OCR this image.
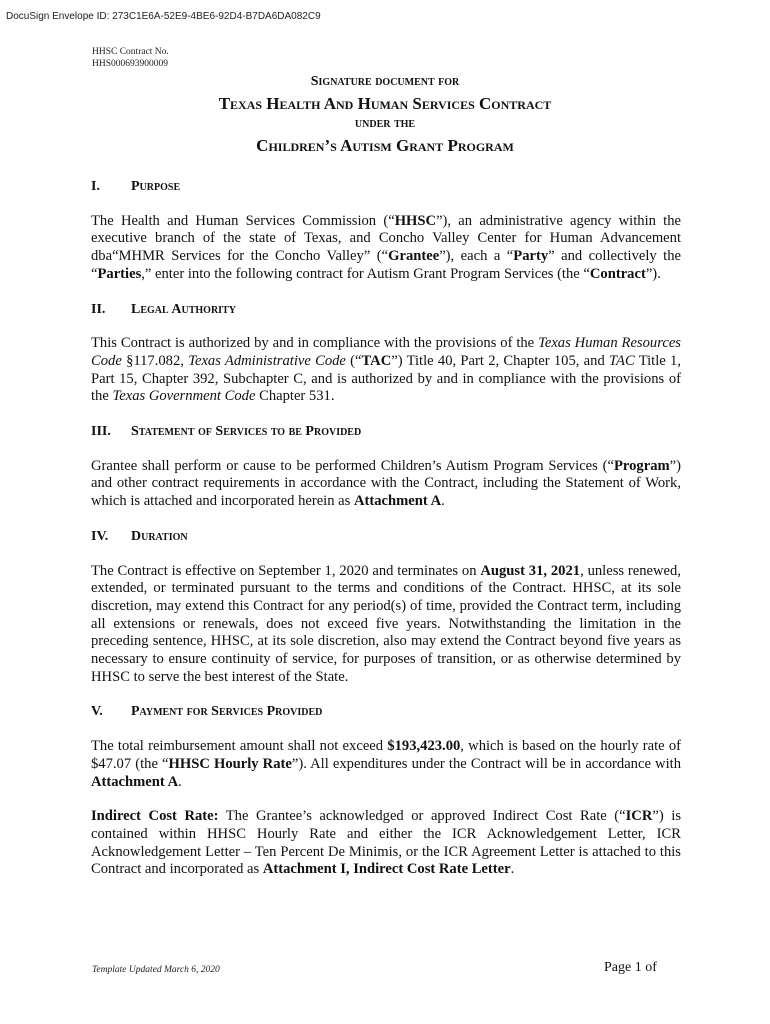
DocuSign Envelope ID: 273C1E6A-52E9-4BE6-92D4-B7DA6DA082C9
HHSC Contract No.
HHS000693900009
Signature document for
Texas Health And Human Services Contract
under the
Children’s Autism Grant Program
I.	Purpose

The Health and Human Services Commission (“HHSC”), an administrative agency within the executive branch of the state of Texas, and Concho Valley Center for Human Advancement dba“MHMR Services for the Concho Valley” (“Grantee”), each a “Party” and collectively the “Parties,” enter into the following contract for Autism Grant Program Services (the “Contract”).

II.	Legal Authority

This Contract is authorized by and in compliance with the provisions of the Texas Human Resources Code §117.082, Texas Administrative Code (“TAC”) Title 40, Part 2, Chapter 105, and TAC Title 1, Part 15, Chapter 392, Subchapter C, and is authorized by and in compliance with the provisions of the Texas Government Code Chapter 531.

III.	Statement of Services to be Provided

Grantee shall perform or cause to be performed Children’s Autism Program Services (“Program”) and other contract requirements in accordance with the Contract, including the Statement of Work, which is attached and incorporated herein as Attachment A.

IV.	Duration

The Contract is effective on September 1, 2020 and terminates on August 31, 2021, unless renewed, extended, or terminated pursuant to the terms and conditions of the Contract. HHSC, at its sole discretion, may extend this Contract for any period(s) of time, provided the Contract term, including all extensions or renewals, does not exceed five years. Notwithstanding the limitation in the preceding sentence, HHSC, at its sole discretion, also may extend the Contract beyond five years as necessary to ensure continuity of service, for purposes of transition, or as otherwise determined by HHSC to serve the best interest of the State.

V.	Payment for Services Provided

The total reimbursement amount shall not exceed $193,423.00, which is based on the hourly rate of $47.07 (the “HHSC Hourly Rate”). All expenditures under the Contract will be in accordance with Attachment A.

Indirect Cost Rate: The Grantee’s acknowledged or approved Indirect Cost Rate (“ICR”) is contained within HHSC Hourly Rate and either the ICR Acknowledgement Letter, ICR Acknowledgement Letter – Ten Percent De Minimis, or the ICR Agreement Letter is attached to this Contract and incorporated as Attachment I, Indirect Cost Rate Letter.

Template Updated March 6, 2020	Page 1 of
